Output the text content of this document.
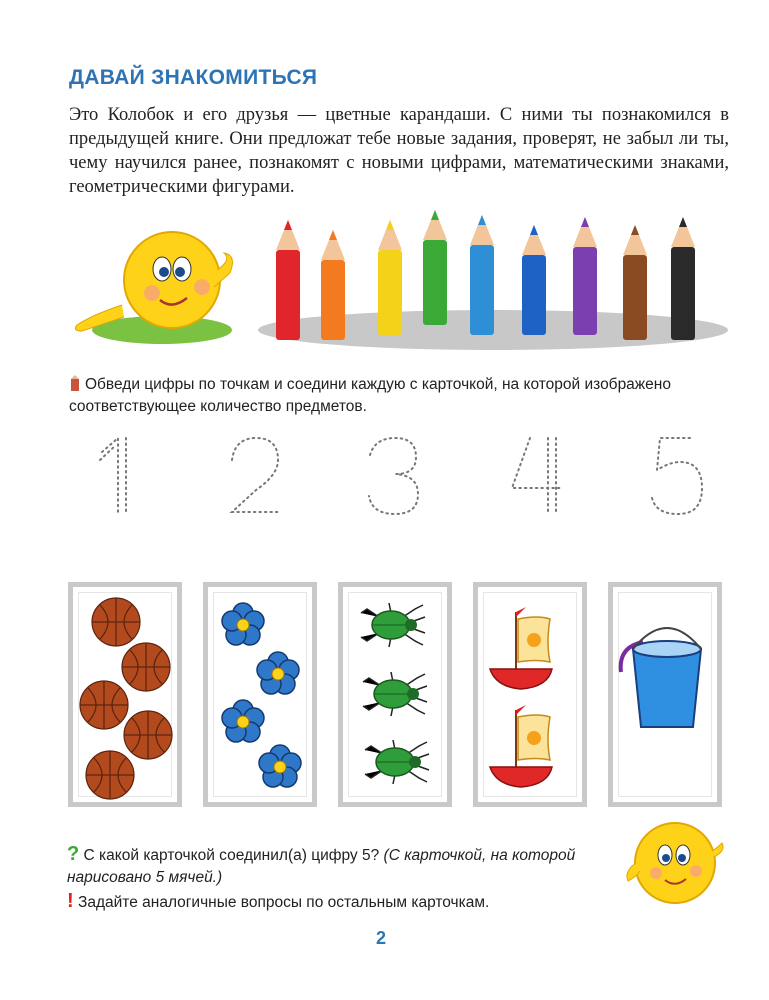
ДАВАЙ ЗНАКОМИТЬСЯ

Это Колобок и его друзья — цветные карандаши. С ними ты познакомился в предыдущей книге. Они предложат тебе новые задания, проверят, не забыл ли ты, чему научился ранее, познакомят с новыми цифрами, математическими знаками, геометрическими фигурами.

Обведи цифры по точкам и соедини каждую с карточкой, на которой изображено соответствующее количество предметов.
? С какой карточкой соединил(а) цифру 5? (С карточкой, на которой нарисовано 5 мячей.)
! Задайте аналогичные вопросы по остальным карточкам.
2
